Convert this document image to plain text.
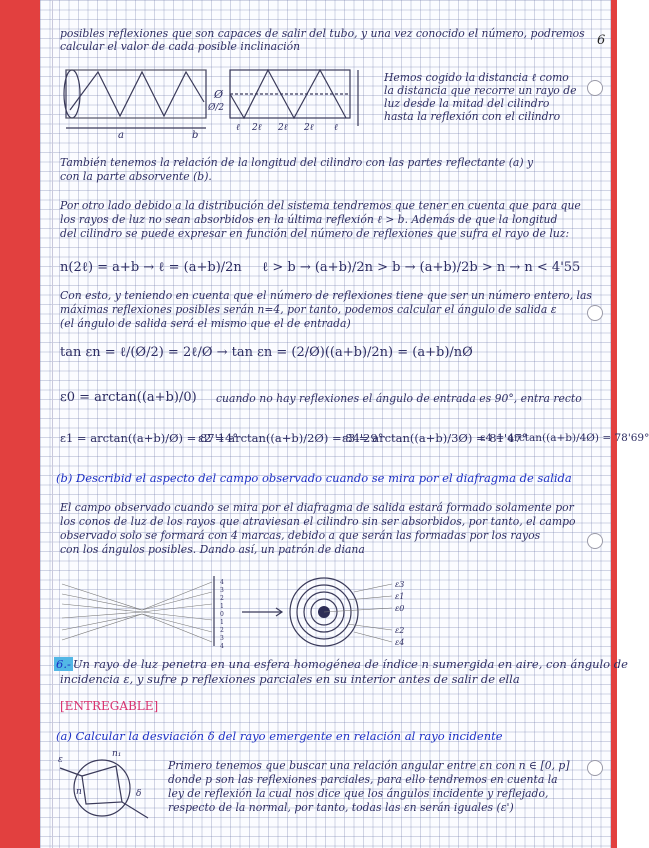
6
posibles reflexiones que son capaces de salir del tubo, y una vez conocido el número, podremos
calcular el valor de cada posible inclinación
a	b
Ø
Ø/2
ℓ 2ℓ 2ℓ 2ℓ ℓ
Hemos cogido la distancia ℓ como
la distancia que recorre un rayo de
luz desde la mitad del cilindro
hasta la reflexión con el cilindro
También tenemos la relación de la longitud del cilindro con las partes reflectante (a) y
con la parte absorvente (b).
Por otro lado debido a la distribución del sistema tendremos que tener en cuenta que para que
los rayos de luz no sean absorbidos en la última reflexión ℓ > b. Además de que la longitud
del cilindro se puede expresar en función del número de reflexiones que sufra el rayo de luz:
n(2ℓ) = a+b → ℓ = (a+b)/2n ℓ > b → (a+b)/2n > b → (a+b)/2b > n → n < 4'55
Con esto, y teniendo en cuenta que el número de reflexiones tiene que ser un número entero, las
máximas reflexiones posibles serán n=4, por tanto, podemos calcular el ángulo de salida ε
(el ángulo de salida será el mismo que el de entrada)
tan εn = ℓ/(Ø/2) = 2ℓ/Ø → tan εn = (2/Ø)((a+b)/2n) = (a+b)/nØ
ε0 = arctan((a+b)/0) cuando no hay reflexiones el ángulo de entrada es 90°, entra recto
ε1 = arctan((a+b)/Ø) = 87'14°
ε2 = arctan((a+b)/2Ø) = 84'29°
ε3 = arctan((a+b)/3Ø) = 81'47°
ε4 = arctan((a+b)/4Ø) = 78'69°
(b) Describid el aspecto del campo observado cuando se mira por el diafragma de salida
El campo observado cuando se mira por el diafragma de salida estará formado solamente por
los conos de luz de los rayos que atraviesan el cilindro sin ser absorbidos, por tanto, el campo
observado solo se formará con 4 marcas, debido a que serán las formadas por los rayos
con los ángulos posibles. Dando así, un patrón de diana
4
3
2
1
0
1
2
3
4
ε3
ε1
ε0
ε2
ε4
6.- Un rayo de luz penetra en una esfera homogénea de índice n sumergida en aire, con ángulo de
incidencia ε, y sufre p reflexiones parciales en su interior antes de salir de ella
[ENTREGABLE]
(a) Calcular la desviación δ del rayo emergente en relación al rayo incidente
ε
n₁
n	δ
Primero tenemos que buscar una relación angular entre εn con n ∈ [0, p]
donde p son las reflexiones parciales, para ello tendremos en cuenta la
ley de reflexión la cual nos dice que los ángulos incidente y reflejado,
respecto de la normal, por tanto, todas las εn serán iguales (ε')
